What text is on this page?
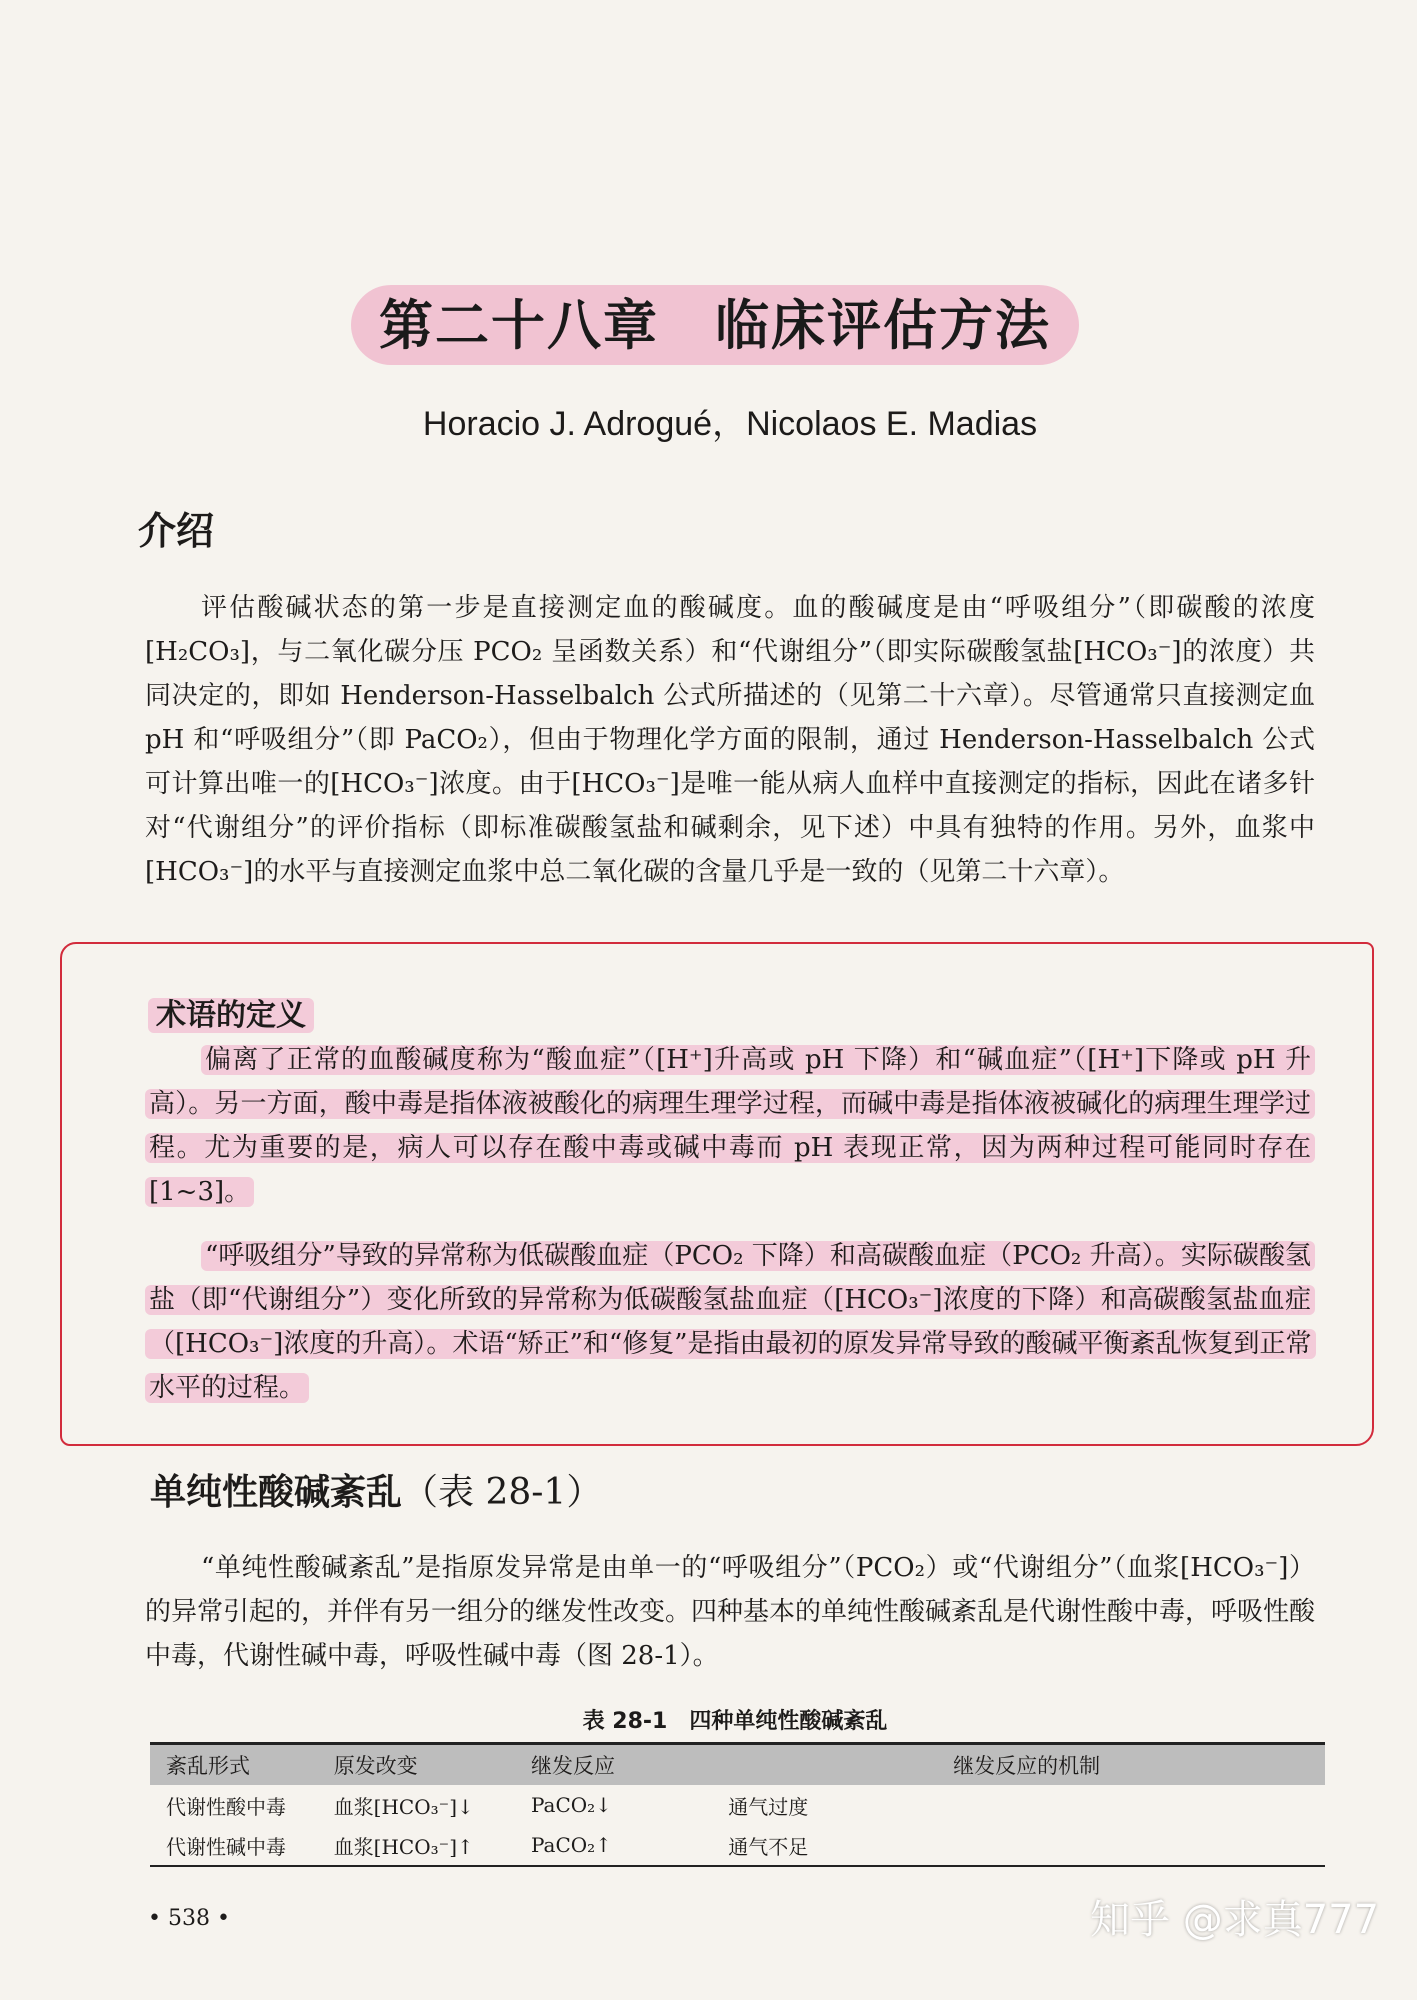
第二十八章　临床评估方法
Horacio J. Adrogué，Nicolaos E. Madias
介绍
评估酸碱状态的第一步是直接测定血的酸碱度。血的酸碱度是由“呼吸组分”（即碳酸的浓度[H₂CO₃]，与二氧化碳分压 PCO₂ 呈函数关系）和“代谢组分”（即实际碳酸氢盐[HCO₃⁻]的浓度）共同决定的，即如 Henderson-Hasselbalch 公式所描述的（见第二十六章）。尽管通常只直接测定血 pH 和“呼吸组分”（即 PaCO₂），但由于物理化学方面的限制，通过 Henderson-Hasselbalch 公式可计算出唯一的[HCO₃⁻]浓度。由于[HCO₃⁻]是唯一能从病人血样中直接测定的指标，因此在诸多针对“代谢组分”的评价指标（即标准碳酸氢盐和碱剩余，见下述）中具有独特的作用。另外，血浆中[HCO₃⁻]的水平与直接测定血浆中总二氧化碳的含量几乎是一致的（见第二十六章）。
术语的定义
偏离了正常的血酸碱度称为“酸血症”（[H⁺]升高或 pH 下降）和“碱血症”（[H⁺]下降或 pH 升高）。另一方面，酸中毒是指体液被酸化的病理生理学过程，而碱中毒是指体液被碱化的病理生理学过程。尤为重要的是，病人可以存在酸中毒或碱中毒而 pH 表现正常，因为两种过程可能同时存在[1~3]。
“呼吸组分”导致的异常称为低碳酸血症（PCO₂ 下降）和高碳酸血症（PCO₂ 升高）。实际碳酸氢盐（即“代谢组分”）变化所致的异常称为低碳酸氢盐血症（[HCO₃⁻]浓度的下降）和高碳酸氢盐血症（[HCO₃⁻]浓度的升高）。术语“矫正”和“修复”是指由最初的原发异常导致的酸碱平衡紊乱恢复到正常水平的过程。
单纯性酸碱紊乱（表 28-1）
“单纯性酸碱紊乱”是指原发异常是由单一的“呼吸组分”（PCO₂）或“代谢组分”（血浆[HCO₃⁻]）的异常引起的，并伴有另一组分的继发性改变。四种基本的单纯性酸碱紊乱是代谢性酸中毒，呼吸性酸中毒，代谢性碱中毒，呼吸性碱中毒（图 28-1）。
表 28-1　四种单纯性酸碱紊乱
紊乱形式	原发改变	继发反应	继发反应的机制
代谢性酸中毒	血浆[HCO₃⁻]↓	PaCO₂↓	通气过度
代谢性碱中毒	血浆[HCO₃⁻]↑	PaCO₂↑	通气不足
• 538 •	知乎 @求真777
